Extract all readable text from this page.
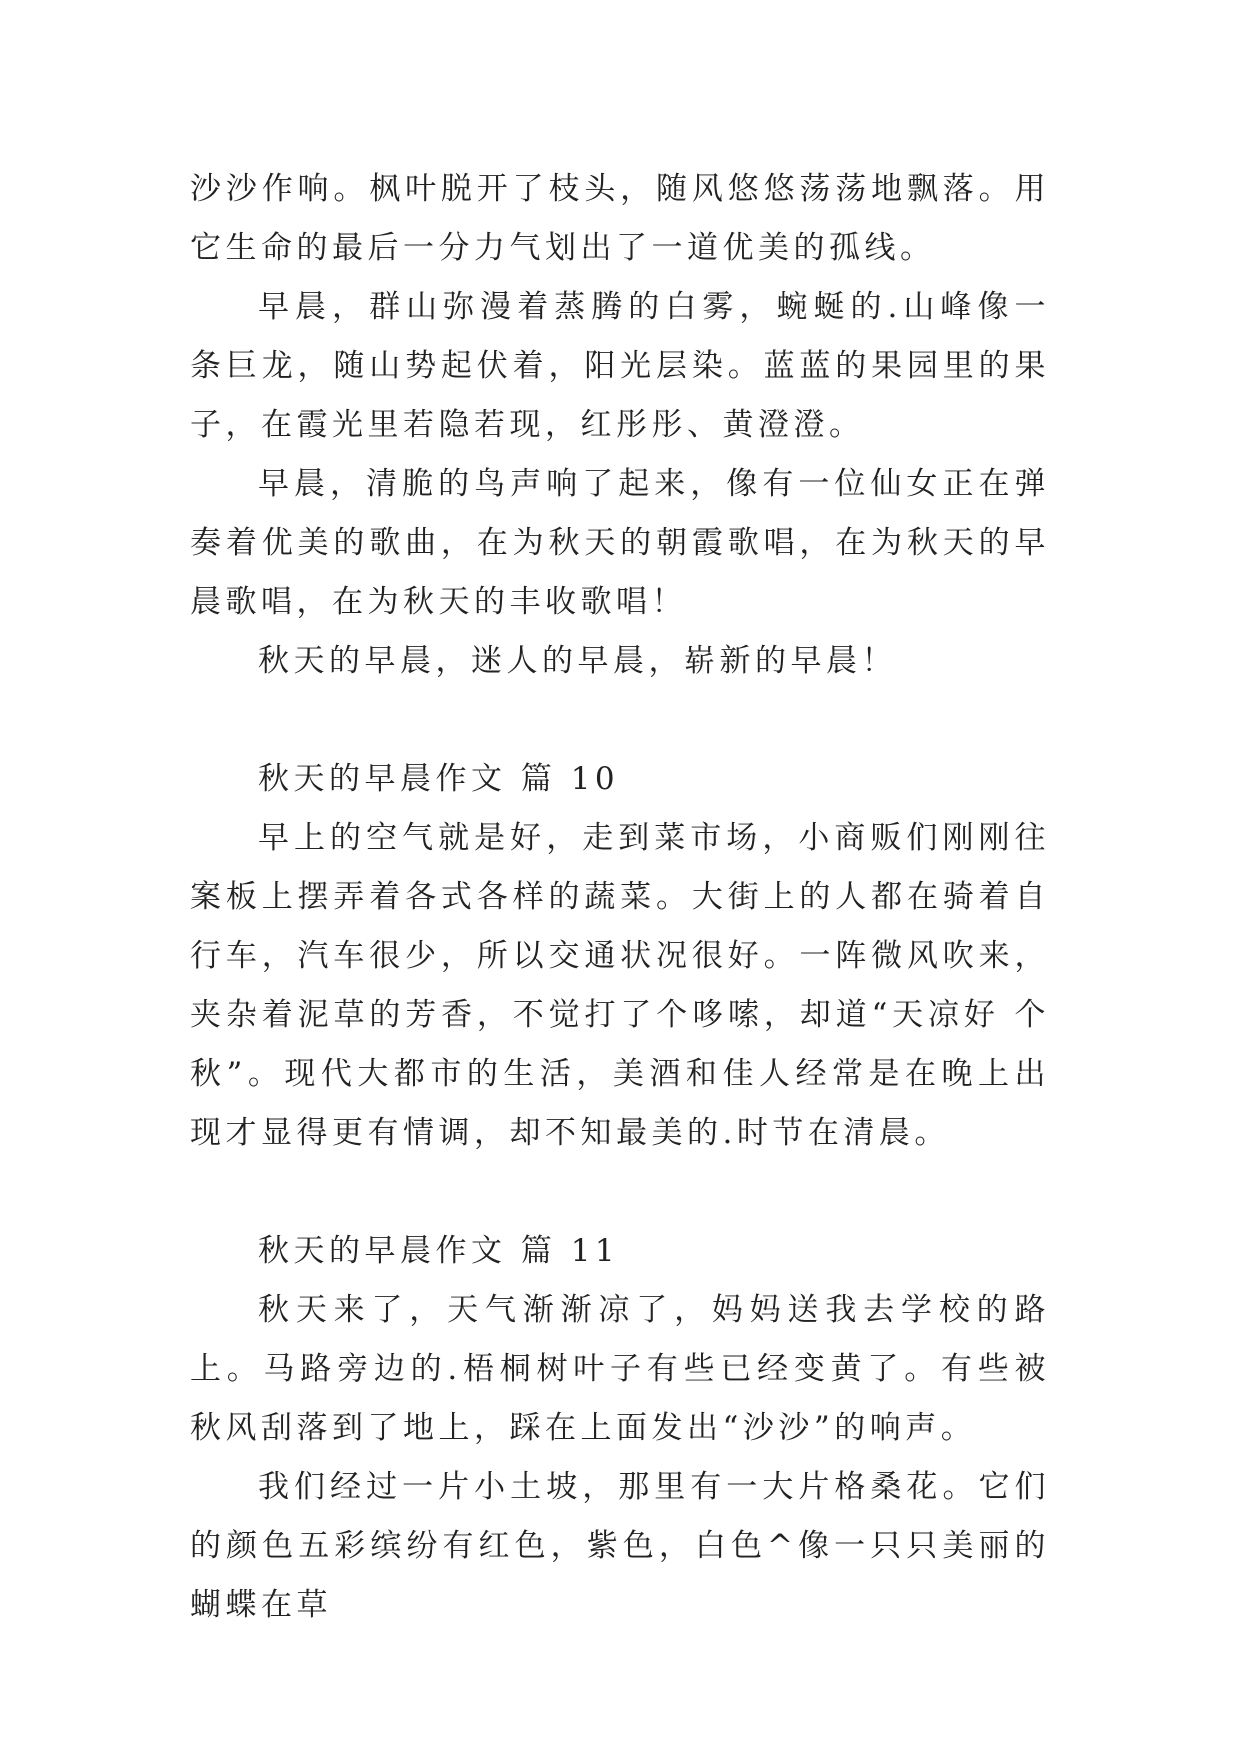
沙沙作响。枫叶脱开了枝头，随风悠悠荡荡地飘落。用它生命的最后一分力气划出了一道优美的孤线。

早晨，群山弥漫着蒸腾的白雾，蜿蜒的.山峰像一条巨龙，随山势起伏着，阳光层染。蓝蓝的果园里的果子，在霞光里若隐若现，红彤彤、黄澄澄。

早晨，清脆的鸟声响了起来，像有一位仙女正在弹奏着优美的歌曲，在为秋天的朝霞歌唱，在为秋天的早晨歌唱，在为秋天的丰收歌唱！

秋天的早晨，迷人的早晨，崭新的早晨！

秋天的早晨作文 篇 10

早上的空气就是好，走到菜市场，小商贩们刚刚往案板上摆弄着各式各样的蔬菜。大街上的人都在骑着自行车，汽车很少，所以交通状况很好。一阵微风吹来，夹杂着泥草的芳香，不觉打了个哆嗦，却道“天凉好 个秋”。现代大都市的生活，美酒和佳人经常是在晚上出现才显得更有情调，却不知最美的.时节在清晨。

秋天的早晨作文 篇 11

秋天来了，天气渐渐凉了，妈妈送我去学校的路上。马路旁边的.梧桐树叶子有些已经变黄了。有些被秋风刮落到了地上，踩在上面发出“沙沙”的响声。

我们经过一片小土坡，那里有一大片格桑花。它们的颜色五彩缤纷有红色，紫色，白色^像一只只美丽的蝴蝶在草
